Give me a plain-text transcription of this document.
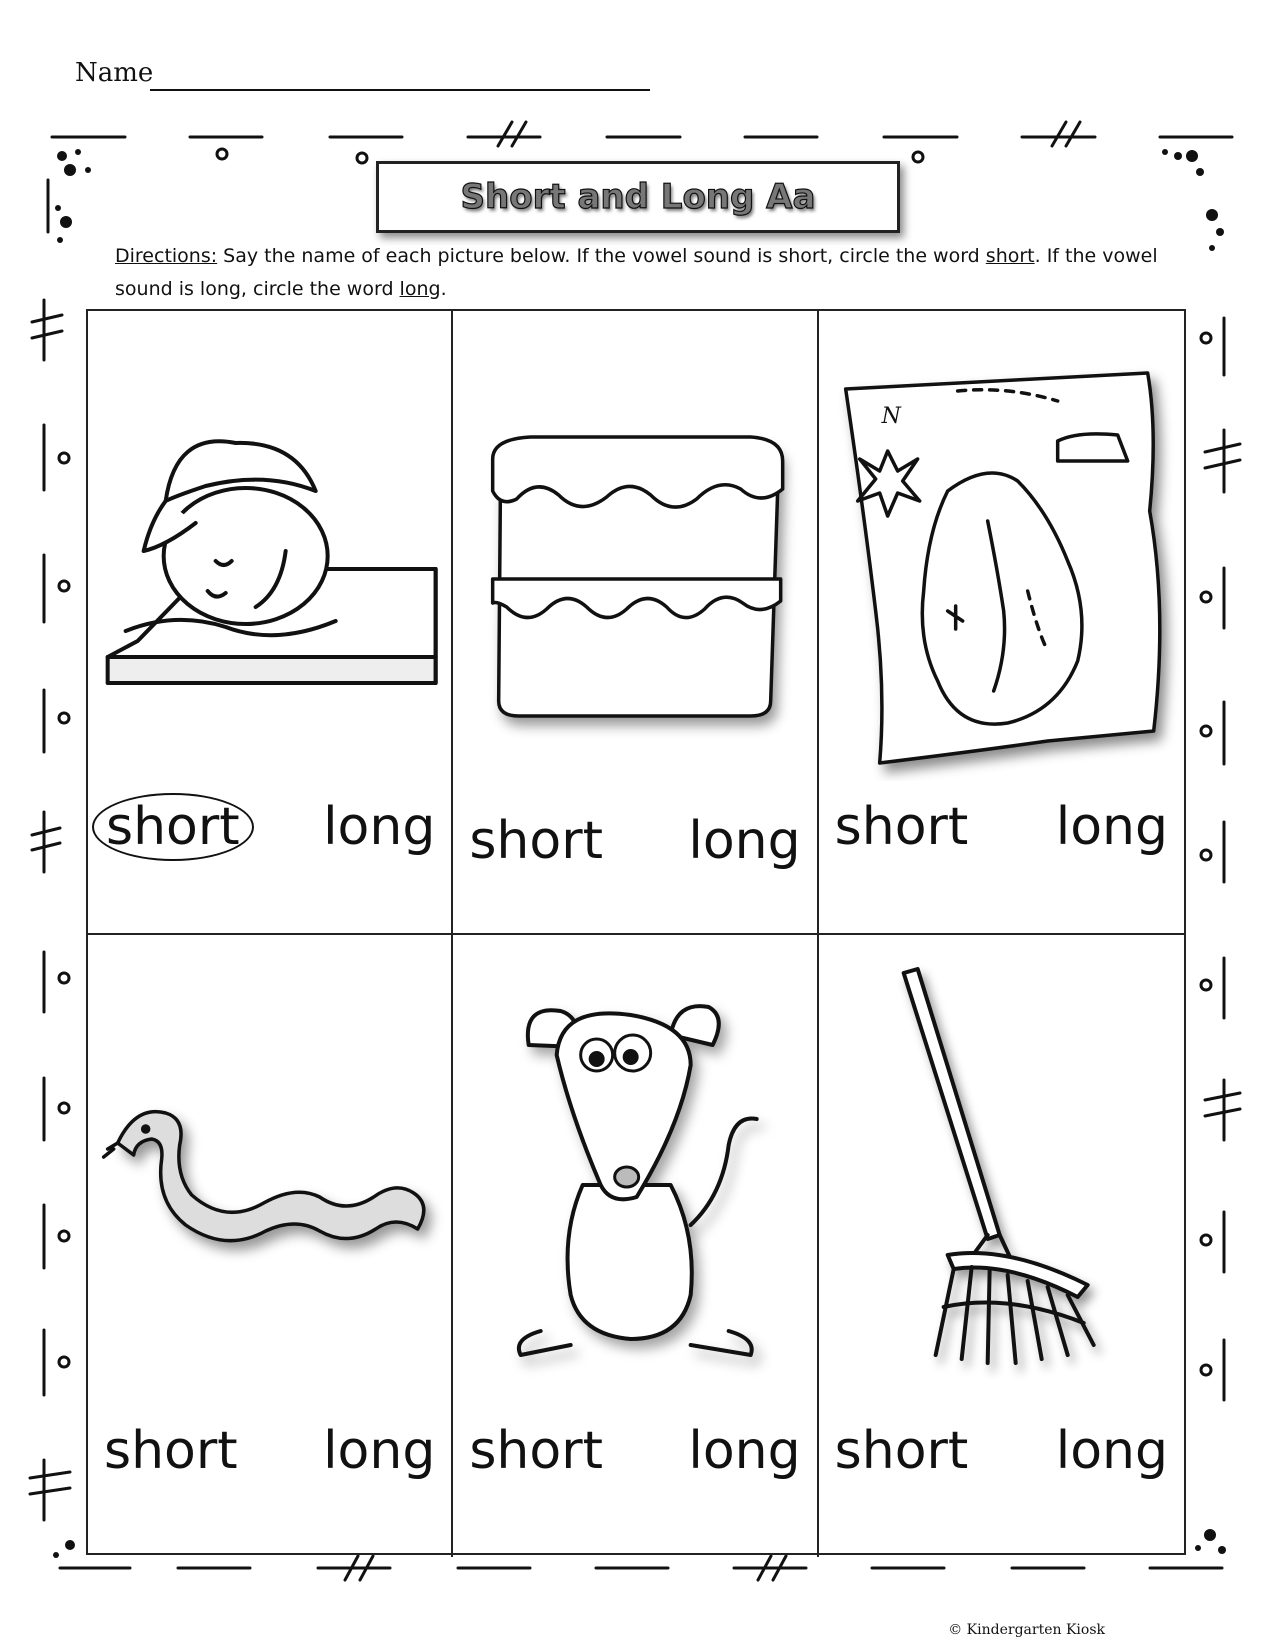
Name
Short and Long Aa
Directions: Say the name of each picture below. If the vowel sound is short, circle the word short. If the vowel sound is long, circle the word long.
short long short long
N
short long
short long short long short long
© Kindergarten Kiosk
